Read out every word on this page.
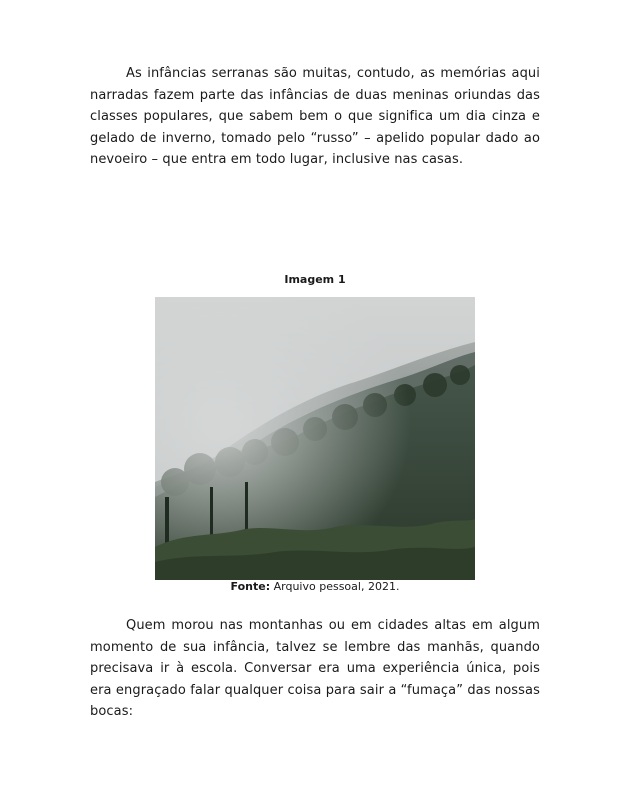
As infâncias serranas são muitas, contudo, as memórias aqui narradas fazem parte das infâncias de duas meninas oriundas das classes populares, que sabem bem o que significa um dia cinza e gelado de inverno, tomado pelo “russo” – apelido popular dado ao nevoeiro – que entra em todo lugar, inclusive nas casas.

Imagem 1

Fonte: Arquivo pessoal, 2021.

Quem morou nas montanhas ou em cidades altas em algum momento de sua infância, talvez se lembre das manhãs, quando precisava ir à escola. Conversar era uma experiência única, pois era engraçado falar qualquer coisa para sair a “fumaça” das nossas bocas:
